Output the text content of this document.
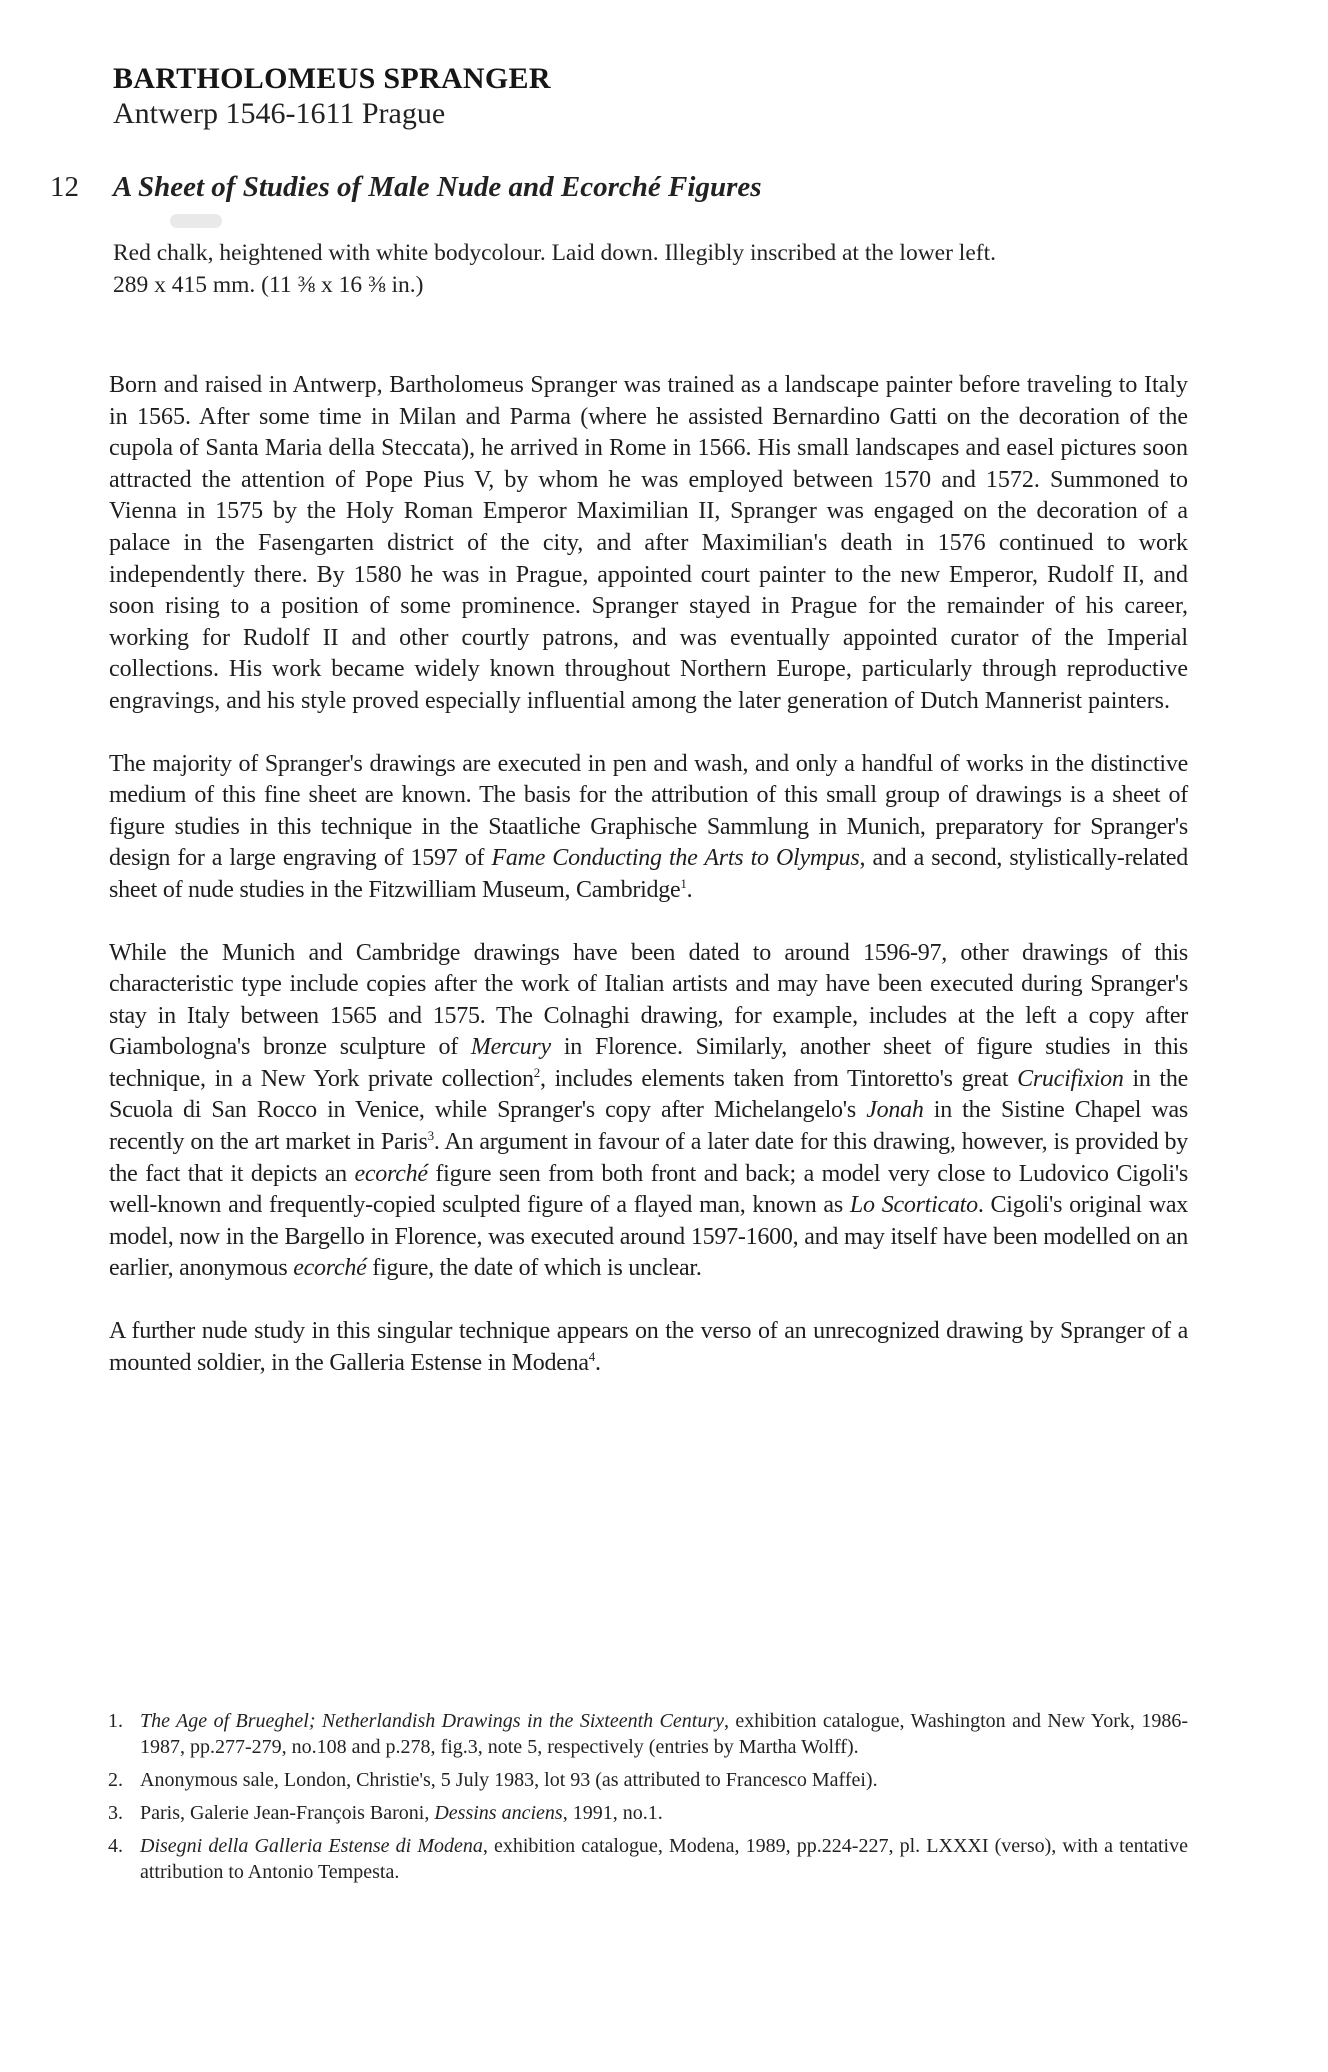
BARTHOLOMEUS SPRANGER
Antwerp 1546-1611 Prague
12 A Sheet of Studies of Male Nude and Ecorché Figures

Red chalk, heightened with white bodycolour. Laid down. Illegibly inscribed at the lower left.

289 x 415 mm. (11 ⅜ x 16 ⅜ in.)

Born and raised in Antwerp, Bartholomeus Spranger was trained as a landscape painter before traveling to Italy in 1565. After some time in Milan and Parma (where he assisted Bernardino Gatti on the decoration of the cupola of Santa Maria della Steccata), he arrived in Rome in 1566. His small landscapes and easel pictures soon attracted the attention of Pope Pius V, by whom he was employed between 1570 and 1572. Summoned to Vienna in 1575 by the Holy Roman Emperor Maximilian II, Spranger was engaged on the decoration of a palace in the Fasengarten district of the city, and after Maximilian's death in 1576 continued to work independently there. By 1580 he was in Prague, appointed court painter to the new Emperor, Rudolf II, and soon rising to a position of some prominence. Spranger stayed in Prague for the remainder of his career, working for Rudolf II and other courtly patrons, and was eventually appointed curator of the Imperial collections. His work became widely known throughout Northern Europe, particularly through reproductive engravings, and his style proved especially influential among the later generation of Dutch Mannerist painters.

The majority of Spranger's drawings are executed in pen and wash, and only a handful of works in the distinctive medium of this fine sheet are known. The basis for the attribution of this small group of drawings is a sheet of figure studies in this technique in the Staatliche Graphische Sammlung in Munich, preparatory for Spranger's design for a large engraving of 1597 of Fame Conducting the Arts to Olympus, and a second, stylistically-related sheet of nude studies in the Fitzwilliam Museum, Cambridge$^1$.

While the Munich and Cambridge drawings have been dated to around 1596-97, other drawings of this characteristic type include copies after the work of Italian artists and may have been executed during Spranger's stay in Italy between 1565 and 1575. The Colnaghi drawing, for example, includes at the left a copy after Giambologna's bronze sculpture of Mercury in Florence. Similarly, another sheet of figure studies in this technique, in a New York private collection$^2$, includes elements taken from Tintoretto's great Crucifixion in the Scuola di San Rocco in Venice, while Spranger's copy after Michelangelo's Jonah in the Sistine Chapel was recently on the art market in Paris$^3$. An argument in favour of a later date for this drawing, however, is provided by the fact that it depicts an ecorché figure seen from both front and back; a model very close to Ludovico Cigoli's well-known and frequently-copied sculpted figure of a flayed man, known as Lo Scorticato. Cigoli's original wax model, now in the Bargello in Florence, was executed around 1597-1600, and may itself have been modelled on an earlier, anonymous ecorché figure, the date of which is unclear.

A further nude study in this singular technique appears on the verso of an unrecognized drawing by Spranger of a mounted soldier, in the Galleria Estense in Modena$^4$.

1. The Age of Brueghel; Netherlandish Drawings in the Sixteenth Century, exhibition catalogue, Washington and New York, 1986-1987, pp.277-279, no.108 and p.278, fig.3, note 5, respectively (entries by Martha Wolff).
2. Anonymous sale, London, Christie's, 5 July 1983, lot 93 (as attributed to Francesco Maffei).
3. Paris, Galerie Jean-François Baroni, Dessins anciens, 1991, no.1.
4. Disegni della Galleria Estense di Modena, exhibition catalogue, Modena, 1989, pp.224-227, pl. LXXXI (verso), with a tentative attribution to Antonio Tempesta.
